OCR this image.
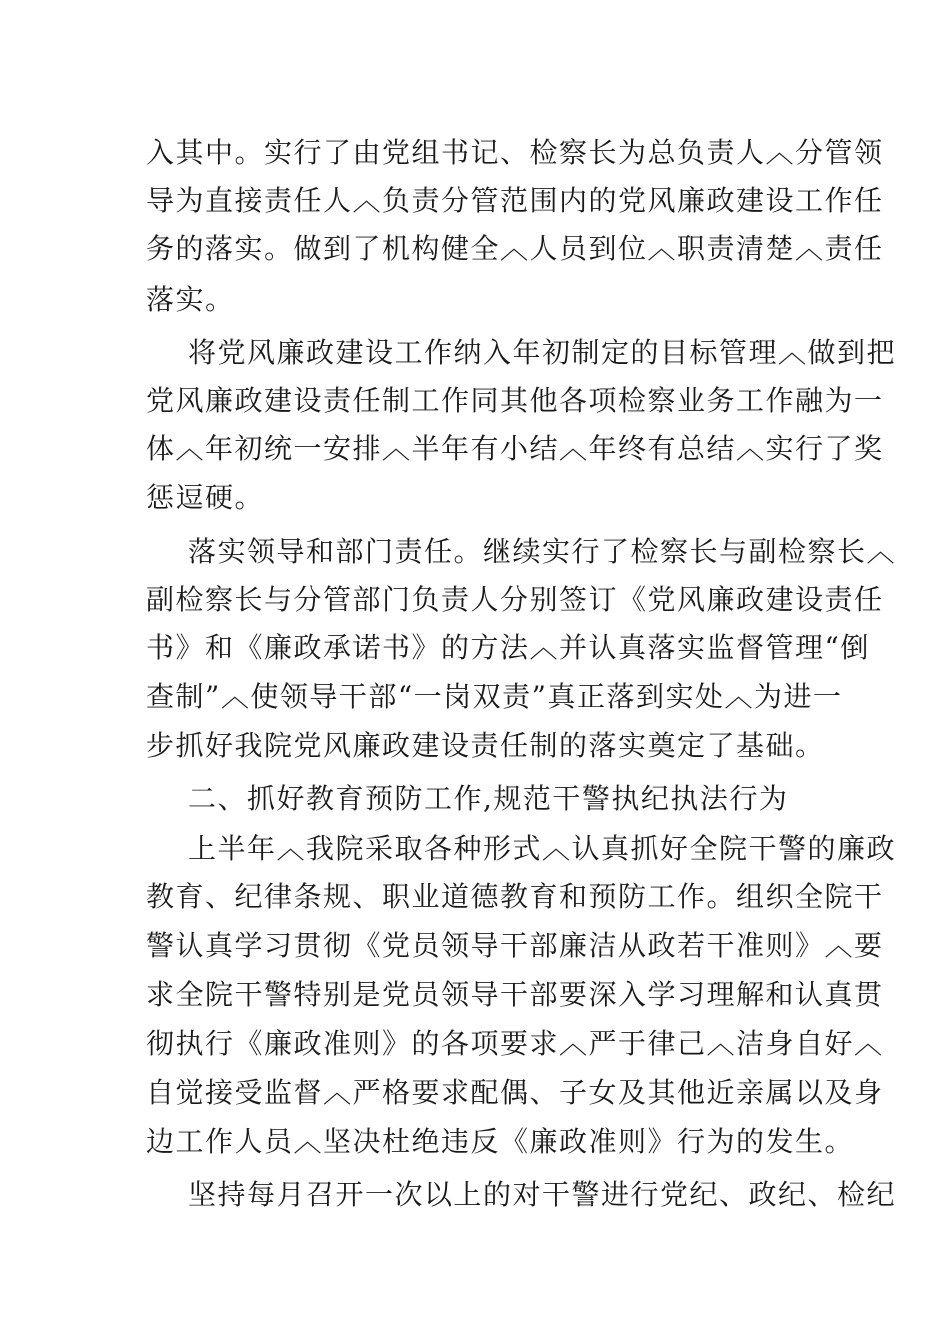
入其中。实行了由党组书记、检察长为总负责人︿分管领
导为直接责任人︿负责分管范围内的党风廉政建设工作任
务的落实。做到了机构健全︿人员到位︿职责清楚︿责任
落实。
将党风廉政建设工作纳入年初制定的目标管理︿做到把
党风廉政建设责任制工作同其他各项检察业务工作融为一
体︿年初统一安排︿半年有小结︿年终有总结︿实行了奖
惩逗硬。
落实领导和部门责任。继续实行了检察长与副检察长︿
副检察长与分管部门负责人分别签订《党风廉政建设责任
书》和《廉政承诺书》的方法︿并认真落实监督管理“倒
查制”︿使领导干部“一岗双责”真正落到实处︿为进一
步抓好我院党风廉政建设责任制的落实奠定了基础。
二、抓好教育预防工作,规范干警执纪执法行为
上半年︿我院采取各种形式︿认真抓好全院干警的廉政
教育、纪律条规、职业道德教育和预防工作。组织全院干
警认真学习贯彻《党员领导干部廉洁从政若干准则》︿要
求全院干警特别是党员领导干部要深入学习理解和认真贯
彻执行《廉政准则》的各项要求︿严于律己︿洁身自好︿
自觉接受监督︿严格要求配偶、子女及其他近亲属以及身
边工作人员︿坚决杜绝违反《廉政准则》行为的发生。
坚持每月召开一次以上的对干警进行党纪、政纪、检纪
